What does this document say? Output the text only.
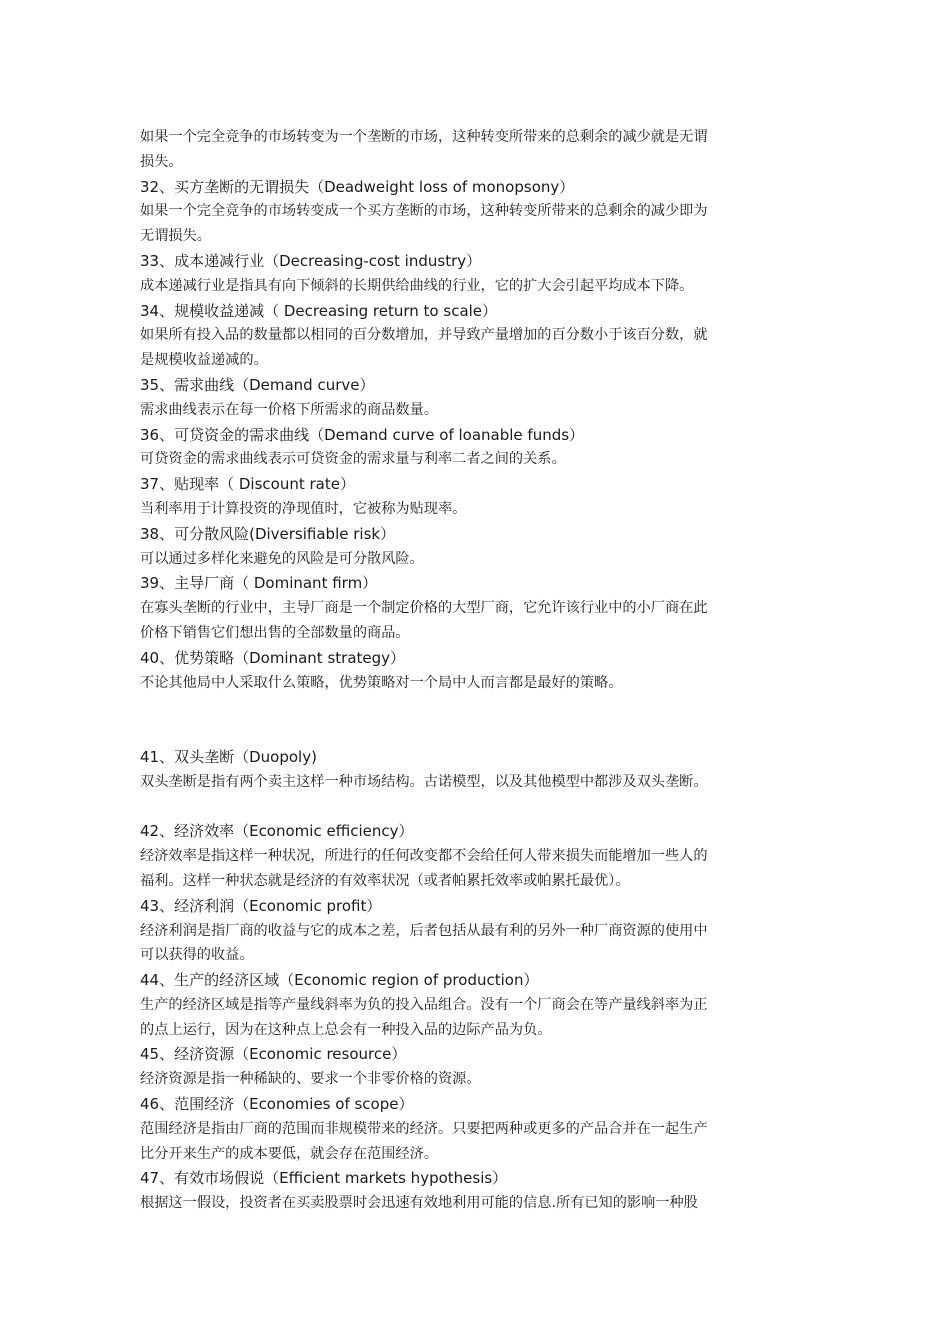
如果一个完全竞争的市场转变为一个垄断的市场，这种转变所带来的总剩余的减少就是无谓
损失。
32、买方垄断的无谓损失（Deadweight loss of monopsony）
如果一个完全竞争的市场转变成一个买方垄断的市场，这种转变所带来的总剩余的减少即为
无谓损失。
33、成本递减行业（Decreasing-cost industry）
成本递减行业是指具有向下倾斜的长期供给曲线的行业，它的扩大会引起平均成本下降。
34、规模收益递减（ Decreasing return to scale）
如果所有投入品的数量都以相同的百分数增加，并导致产量增加的百分数小于该百分数，就
是规模收益递减的。
35、需求曲线（Demand curve）
需求曲线表示在每一价格下所需求的商品数量。
36、可贷资金的需求曲线（Demand curve of loanable funds）
可贷资金的需求曲线表示可贷资金的需求量与利率二者之间的关系。
37、贴现率（ Discount rate）
当利率用于计算投资的净现值时，它被称为贴现率。
38、可分散风险(Diversifiable risk）
可以通过多样化来避免的风险是可分散风险。
39、主导厂商（ Dominant firm）
在寡头垄断的行业中，主导厂商是一个制定价格的大型厂商，它允许该行业中的小厂商在此
价格下销售它们想出售的全部数量的商品。
40、优势策略（Dominant strategy）
不论其他局中人采取什么策略，优势策略对一个局中人而言都是最好的策略。
41、双头垄断（Duopoly)
双头垄断是指有两个卖主这样一种市场结构。古诺模型，以及其他模型中都涉及双头垄断。
42、经济效率（Economic efficiency）
经济效率是指这样一种状况，所进行的任何改变都不会给任何人带来损失而能增加一些人的
福利。这样一种状态就是经济的有效率状况（或者帕累托效率或帕累托最优）。
43、经济利润（Economic profit）
经济利润是指厂商的收益与它的成本之差，后者包括从最有利的另外一种厂商资源的使用中
可以获得的收益。
44、生产的经济区域（Economic region of production）
生产的经济区域是指等产量线斜率为负的投入品组合。没有一个厂商会在等产量线斜率为正
的点上运行，因为在这种点上总会有一种投入品的边际产品为负。
45、经济资源（Economic resource）
经济资源是指一种稀缺的、要求一个非零价格的资源。
46、范围经济（Economies of scope）
范围经济是指由厂商的范围而非规模带来的经济。只要把两种或更多的产品合并在一起生产
比分开来生产的成本要低，就会存在范围经济。
47、有效市场假说（Efficient markets hypothesis）
根据这一假设，投资者在买卖股票时会迅速有效地利用可能的信息.所有已知的影响一种股
